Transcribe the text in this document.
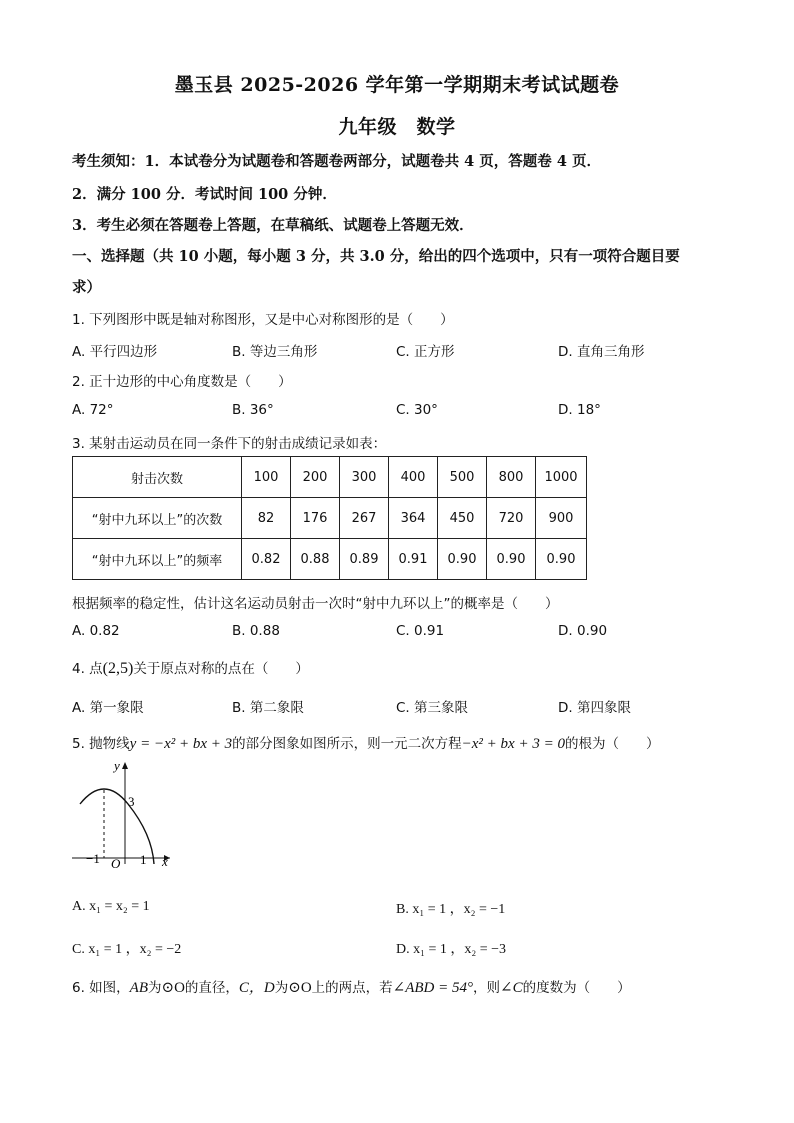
墨玉县 2025-2026 学年第一学期期末考试试题卷
九年级　数学
考生须知：1．本试卷分为试题卷和答题卷两部分，试题卷共 4 页，答题卷 4 页．
2．满分 100 分．考试时间 100 分钟．
3．考生必须在答题卷上答题，在草稿纸、试题卷上答题无效．
一、选择题（共 10 小题，每小题 3 分，共 3.0 分，给出的四个选项中，只有一项符合题目要
求）
1. 下列图形中既是轴对称图形，又是中心对称图形的是（　　）
A. 平行四边形	B. 等边三角形	C. 正方形	D. 直角三角形
2. 正十边形的中心角度数是（　　）
A. 72°	B. 36°	C. 30°	D. 18°
3. 某射击运动员在同一条件下的射击成绩记录如表：
射击次数	100	200	300	400	500	800	1000
“射中九环以上”的次数	82	176	267	364	450	720	900
“射中九环以上”的频率	0.82	0.88	0.89	0.91	0.90	0.90	0.90
根据频率的稳定性，估计这名运动员射击一次时“射中九环以上”的概率是（　　）
A. 0.82	B. 0.88	C. 0.91	D. 0.90
4. 点(2,5)关于原点对称的点在（　　）
A. 第一象限	B. 第二象限	C. 第三象限	D. 第四象限
5. 抛物线y = −x² + bx + 3的部分图象如图所示，则一元二次方程−x² + bx + 3 = 0的根为（　　）
y
3
−1 O 1 x
A. x₁ = x₂ = 1	B. x₁ = 1 ，x₂ = −1
C. x₁ = 1 ，x₂ = −2	D. x₁ = 1 ，x₂ = −3
6. 如图，AB为⊙O的直径，C，D为⊙O上的两点，若∠ABD = 54°，则∠C的度数为（　　）
